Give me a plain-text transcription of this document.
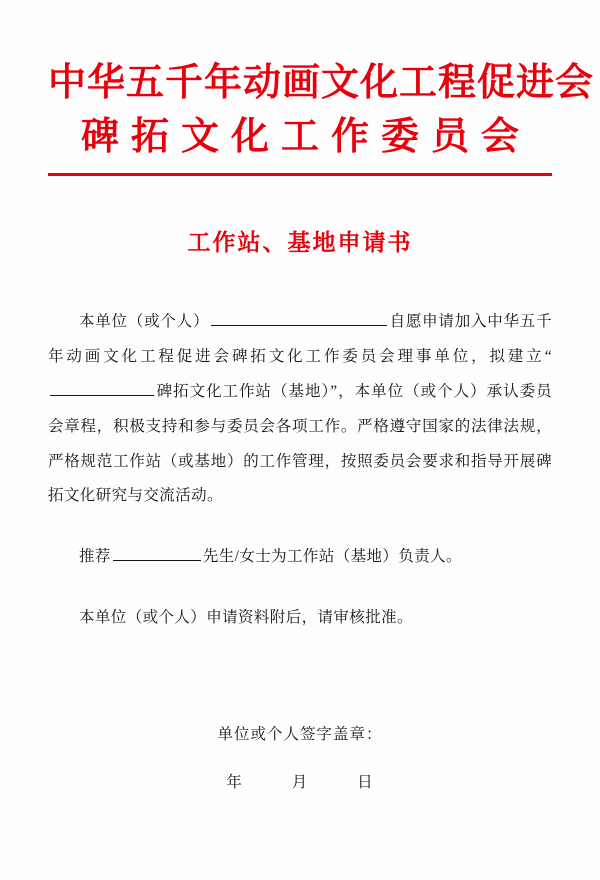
中华五千年动画文化工程促进会
碑拓文化工作委员会
工作站、基地申请书

本单位（或个人）	自愿申请加入中华五千年动画文化工程促进会碑拓文化工作委员会理事单位，拟建立“碑拓文化工作站（基地）”，本单位（或个人）承认委员会章程，积极支持和参与委员会各项工作。严格遵守国家的法律法规，严格规范工作站（或基地）的工作管理，按照委员会要求和指导开展碑拓文化研究与交流活动。

推荐	先生/女士为工作站（基地）负责人。

本单位（或个人）申请资料附后，请审核批准。

单位或个人签字盖章：
年	月	日
